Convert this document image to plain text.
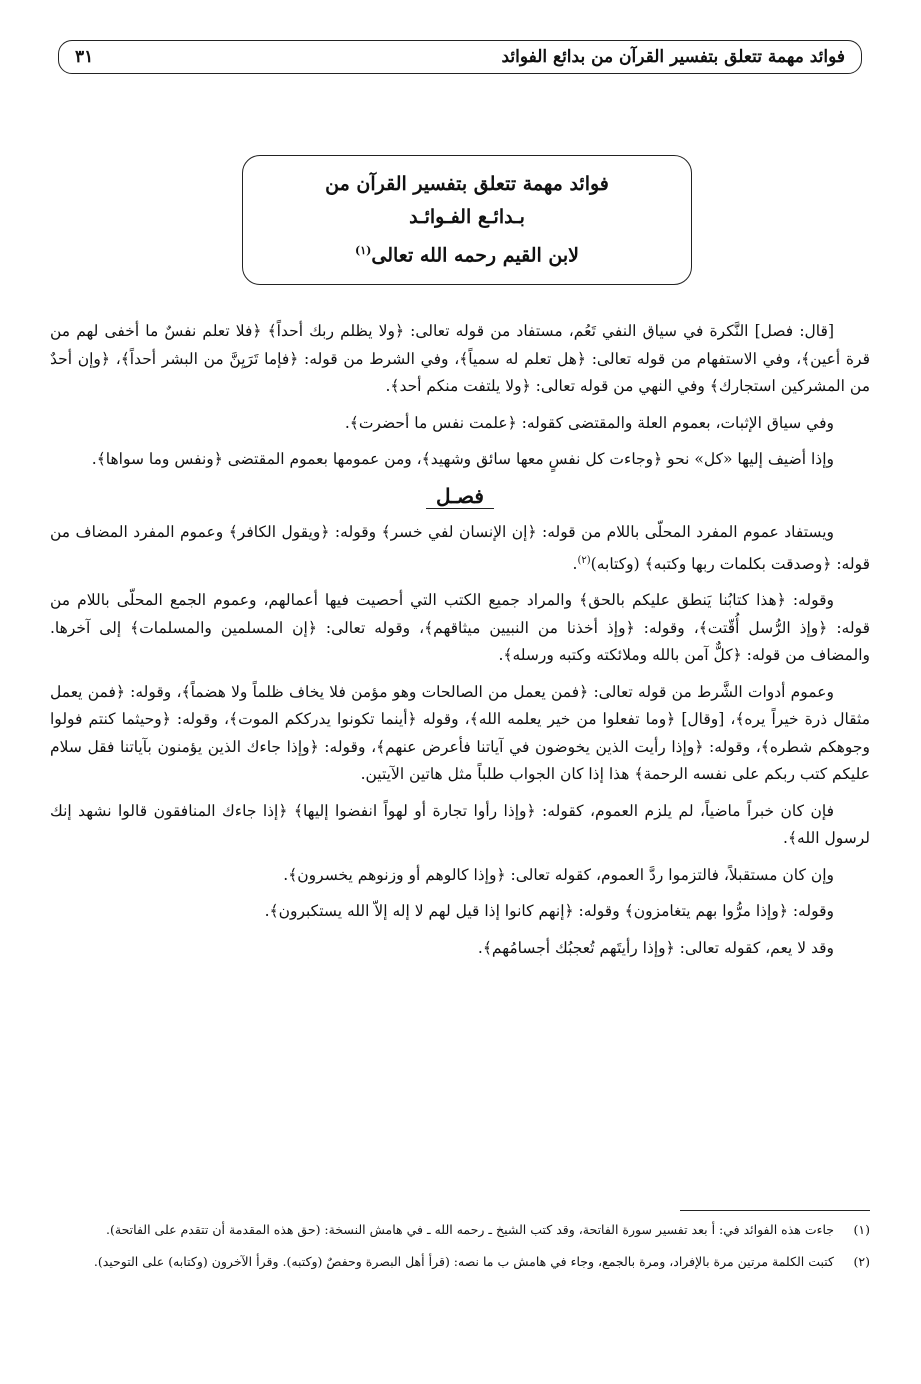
فوائد مهمة تتعلق بتفسير القرآن من بدائع الفوائد
٣١
فوائد مهمة تتعلق بتفسير القرآن من
بـدائـع الفـوائـد
لابن القيم رحمه الله تعالى$^{(١)}$

[قال: فصل] النَّكرة في سياق النفي تَعُم، مستفاد من قوله تعالى: ﴿ولا يظلم ربك أحداً﴾ ﴿فلا تعلم نفسٌ ما أخفى لهم من قرة أعين﴾، وفي الاستفهام من قوله تعالى: ﴿هل تعلم له سمياً﴾، وفي الشرط من قوله: ﴿فإما تَرَيِنَّ من البشر أحداً﴾، ﴿وإن أحدٌ من المشركين استجارك﴾ وفي النهي من قوله تعالى: ﴿ولا يلتفت منكم أحد﴾.

وفي سياق الإثبات، بعموم العلة والمقتضى كقوله: ﴿علمت نفس ما أحضرت﴾.

وإذا أضيف إليها «كل» نحو ﴿وجاءت كل نفسٍ معها سائق وشهيد﴾، ومن عمومها بعموم المقتضى ﴿ونفس وما سواها﴾.

فصـل

ويستفاد عموم المفرد المحلّى باللام من قوله: ﴿إن الإنسان لفي خسر﴾ وقوله: ﴿ويقول الكافر﴾ وعموم المفرد المضاف من قوله: ﴿وصدقت بكلمات ربها وكتبه﴾ (وكتابه)$^{(٢)}$.

وقوله: ﴿هذا كتابُنا يَنطق عليكم بالحق﴾ والمراد جميع الكتب التي أحصيت فيها أعمالهم، وعموم الجمع المحلّى باللام من قوله: ﴿وإذ الرُّسل أُقّتت﴾، وقوله: ﴿وإذ أخذنا من النبيين ميثاقهم﴾، وقوله تعالى: ﴿إن المسلمين والمسلمات﴾ إلى آخرها. والمضاف من قوله: ﴿كلٌّ آمن بالله وملائكته وكتبه ورسله﴾.

وعموم أدوات الشَّرط من قوله تعالى: ﴿فمن يعمل من الصالحات وهو مؤمن فلا يخاف ظلماً ولا هضماً﴾، وقوله: ﴿فمن يعمل مثقال ذرة خيراً يره﴾، [وقال] ﴿وما تفعلوا من خير يعلمه الله﴾، وقوله ﴿أينما تكونوا يدرككم الموت﴾، وقوله: ﴿وحيثما كنتم فولوا وجوهكم شطره﴾، وقوله: ﴿وإذا رأيت الذين يخوضون في آياتنا فأعرض عنهم﴾، وقوله: ﴿وإذا جاءك الذين يؤمنون بآياتنا فقل سلام عليكم كتب ربكم على نفسه الرحمة﴾ هذا إذا كان الجواب طلباً مثل هاتين الآيتين.

فإن كان خبراً ماضياً، لم يلزم العموم، كقوله: ﴿وإذا رأوا تجارة أو لهواً انفضوا إليها﴾ ﴿إذا جاءك المنافقون قالوا نشهد إنك لرسول الله﴾.

وإن كان مستقبلاً، فالتزموا ردَّ العموم، كقوله تعالى: ﴿وإذا كالوهم أو وزنوهم يخسرون﴾.

وقوله: ﴿وإذا مرُّوا بهم يتغامزون﴾ وقوله: ﴿إنهم كانوا إذا قيل لهم لا إله إلاّ الله يستكبرون﴾.

وقد لا يعم، كقوله تعالى: ﴿وإذا رأيتَهم تُعجبُك أجسامُهم﴾.

(١)
جاءت هذه الفوائد في: أ بعد تفسير سورة الفاتحة، وقد كتب الشيخ ـ رحمه الله ـ في هامش النسخة: (حق هذه المقدمة أن تتقدم على الفاتحة).
(٢)
كتبت الكلمة مرتين مرة بالإفراد، ومرة بالجمع، وجاء في هامش ب ما نصه: (قرأ أهل البصرة وحفصٌ (وكتبه). وقرأ الآخرون (وكتابه) على التوحيد).
